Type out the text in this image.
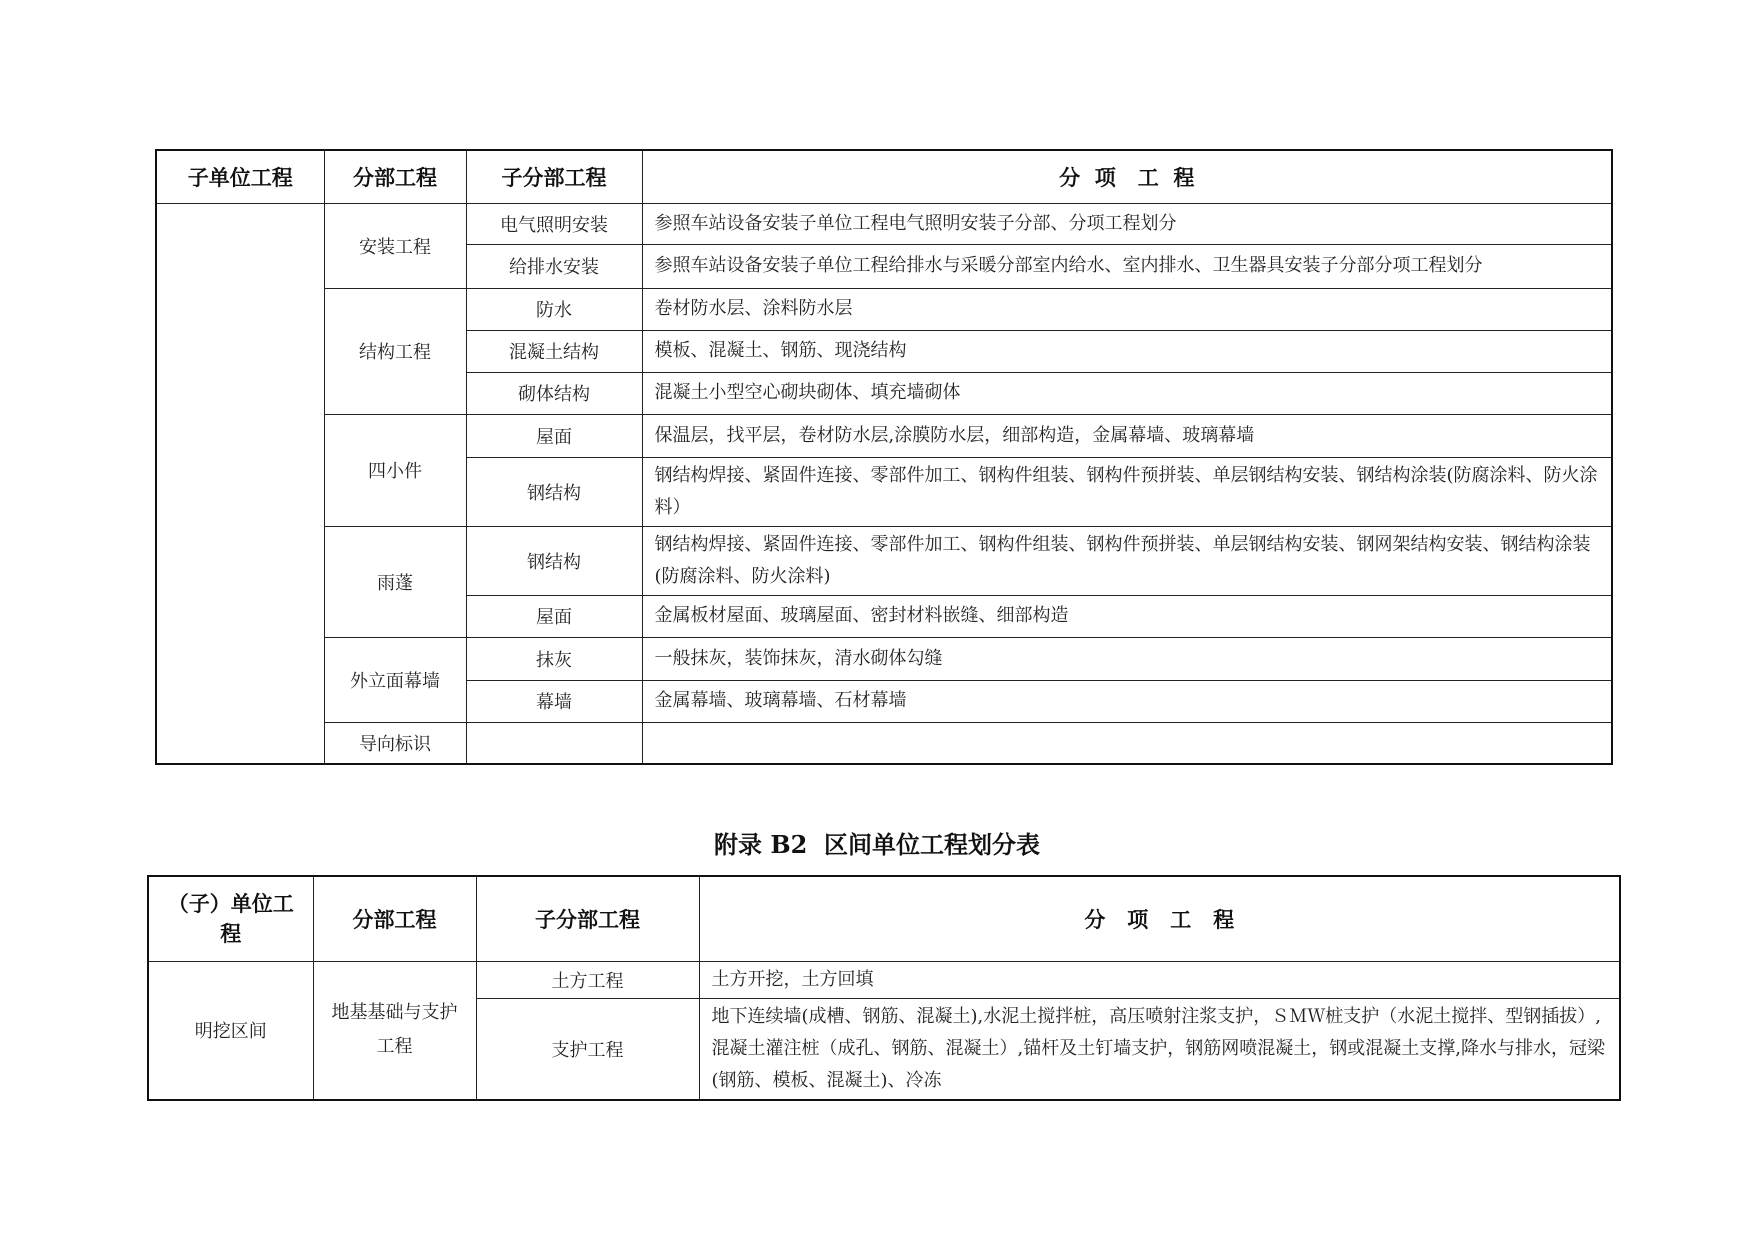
子单位工程	分部工程	子分部工程	分  项   工  程
	安装工程	电气照明安装	参照车站设备安装子单位工程电气照明安装子分部、分项工程划分
		给排水安装	参照车站设备安装子单位工程给排水与采暖分部室内给水、室内排水、卫生器具安装子分部分项工程划分
	结构工程	防水	卷材防水层、涂料防水层
		混凝土结构	模板、混凝土、钢筋、现浇结构
		砌体结构	混凝土小型空心砌块砌体、填充墙砌体
	四小件	屋面	保温层，找平层，卷材防水层,涂膜防水层，细部构造，金属幕墙、玻璃幕墙
		钢结构	钢结构焊接、紧固件连接、零部件加工、钢构件组装、钢构件预拼装、单层钢结构安装、钢结构涂装(防腐涂料、防火涂料）
	雨蓬	钢结构	钢结构焊接、紧固件连接、零部件加工、钢构件组装、钢构件预拼装、单层钢结构安装、钢网架结构安装、钢结构涂装(防腐涂料、防火涂料)
		屋面	金属板材屋面、玻璃屋面、密封材料嵌缝、细部构造
	外立面幕墙	抹灰	一般抹灰，装饰抹灰，清水砌体勾缝
		幕墙	金属幕墙、玻璃幕墙、石材幕墙
	导向标识		
附录 B2  区间单位工程划分表
（子）单位工程	分部工程	子分部工程	分   项   工   程
明挖区间	地基基础与支护工程	土方工程	土方开挖，土方回填
		支护工程	地下连续墙(成槽、钢筋、混凝土),水泥土搅拌桩，高压喷射注浆支护，ＳＭＷ桩支护（水泥土搅拌、型钢插拔）,混凝土灌注桩（成孔、钢筋、混凝土）,锚杆及土钉墙支护，钢筋网喷混凝土，钢或混凝土支撑,降水与排水，冠梁(钢筋、模板、混凝土)、冷冻
